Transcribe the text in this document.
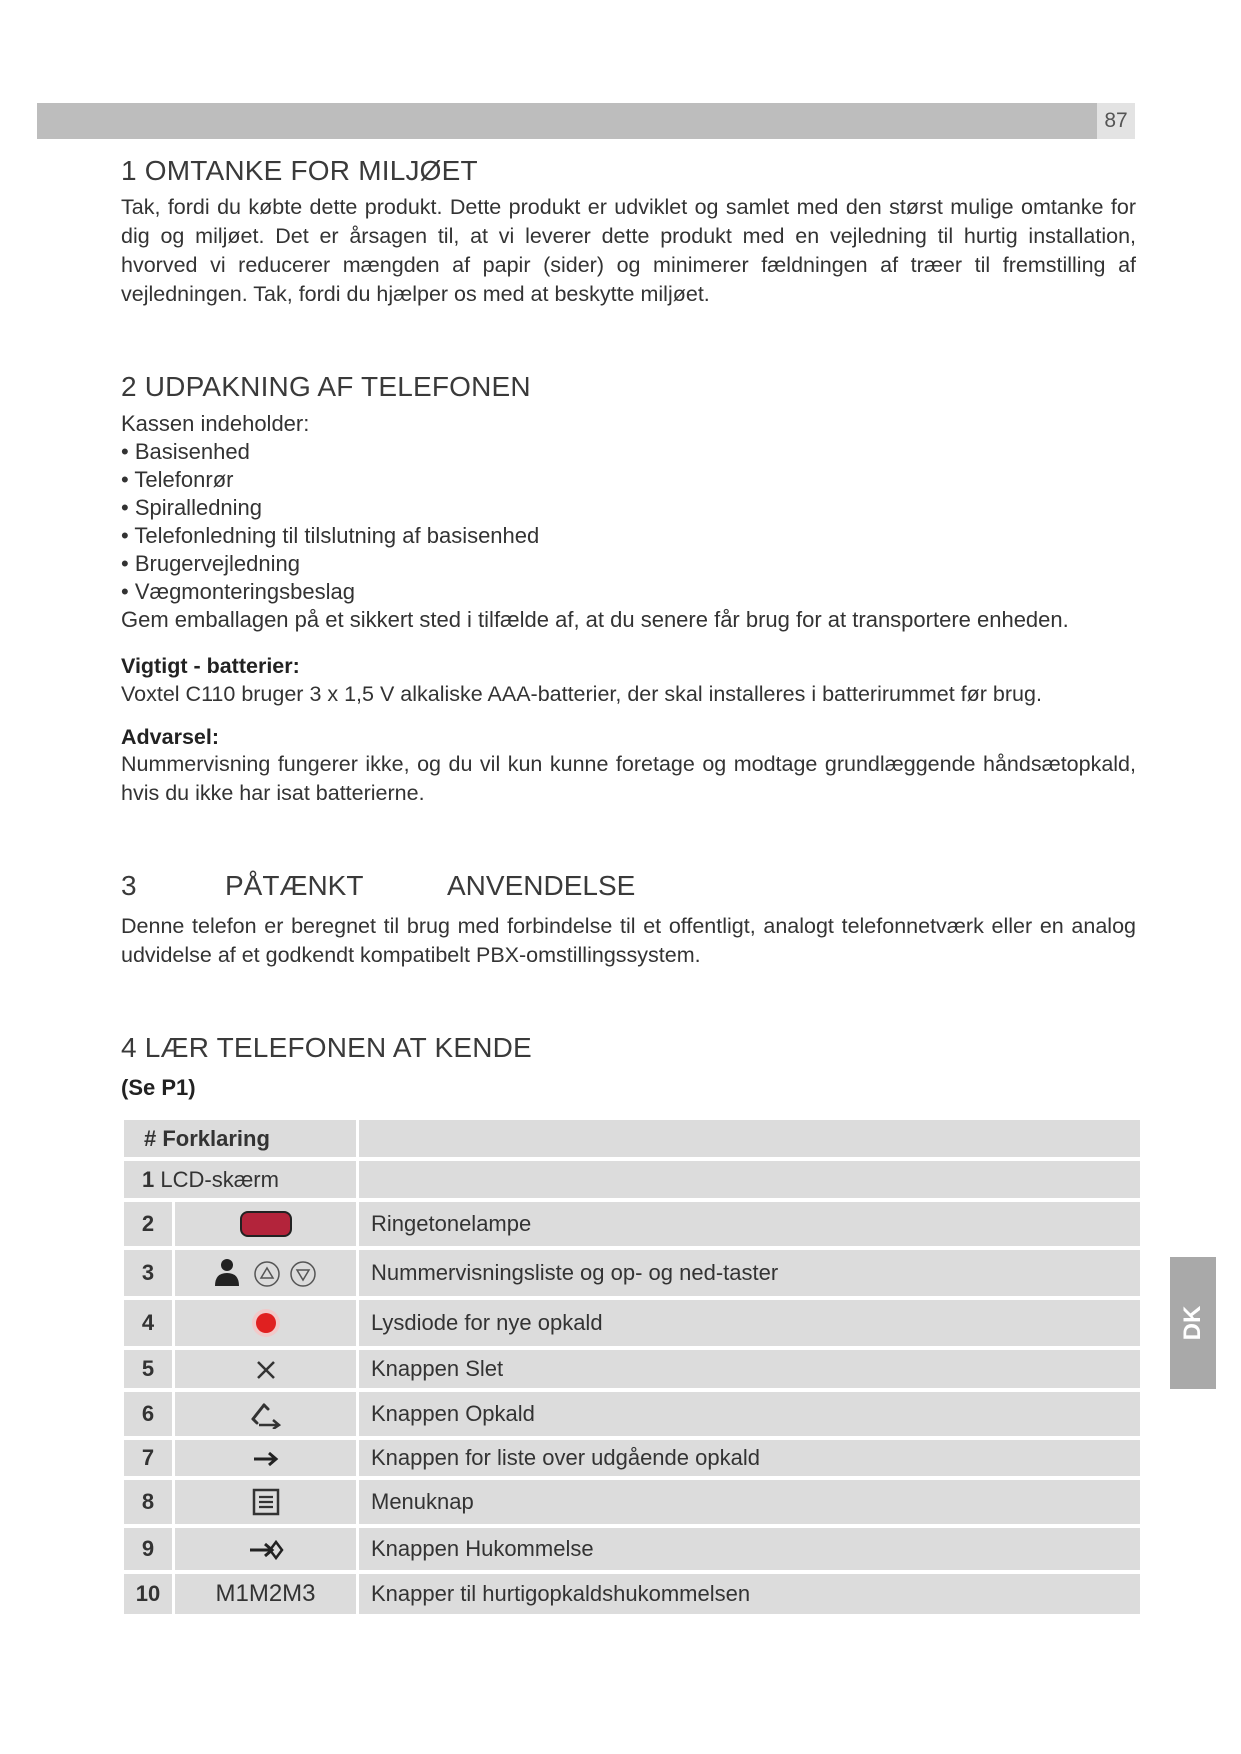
87
DK
1 OMTANKE FOR MILJØET

Tak, fordi du købte dette produkt. Dette produkt er udviklet og samlet med den størst mulige omtanke for dig og miljøet. Det er årsagen til, at vi leverer dette produkt med en vejledning til hurtig installation, hvorved vi reducerer mængden af papir (sider) og minimerer fældningen af træer til fremstilling af vejledningen. Tak, fordi du hjælper os med at beskytte miljøet.

2 UDPAKNING AF TELEFONEN
Kassen indeholder:
• Basisenhed
• Telefonrør
• Spiralledning
• Telefonledning til tilslutning af basisenhed
• Brugervejledning
• Vægmonteringsbeslag
Gem emballagen på et sikkert sted i tilfælde af, at du senere får brug for at transportere enheden.
Vigtigt - batterier:

Voxtel C110 bruger 3 x 1,5 V alkaliske AAA-batterier, der skal installeres i batterirummet før brug.

Advarsel:

Nummervisning fungerer ikke, og du vil kun kunne foretage og modtage grundlæggende håndsætopkald, hvis du ikke har isat batterierne.

3	PÅTÆNKT	ANVENDELSE

Denne telefon er beregnet til brug med forbindelse til et offentligt, analogt telefonnetværk eller en analog udvidelse af et godkendt kompatibelt PBX-omstillingssystem.

4 LÆR TELEFONEN AT KENDE
(Se P1)
# Forklaring		
1 LCD-skærm		
2		Ringetonelampe
3		Nummervisningsliste og op- og ned-taster
4		Lysdiode for nye opkald
5		Knappen Slet
6		Knappen Opkald
7		Knappen for liste over udgående opkald
8		Menuknap
9		Knappen Hukommelse
10	M1M2M3	Knapper til hurtigopkaldshukommelsen
